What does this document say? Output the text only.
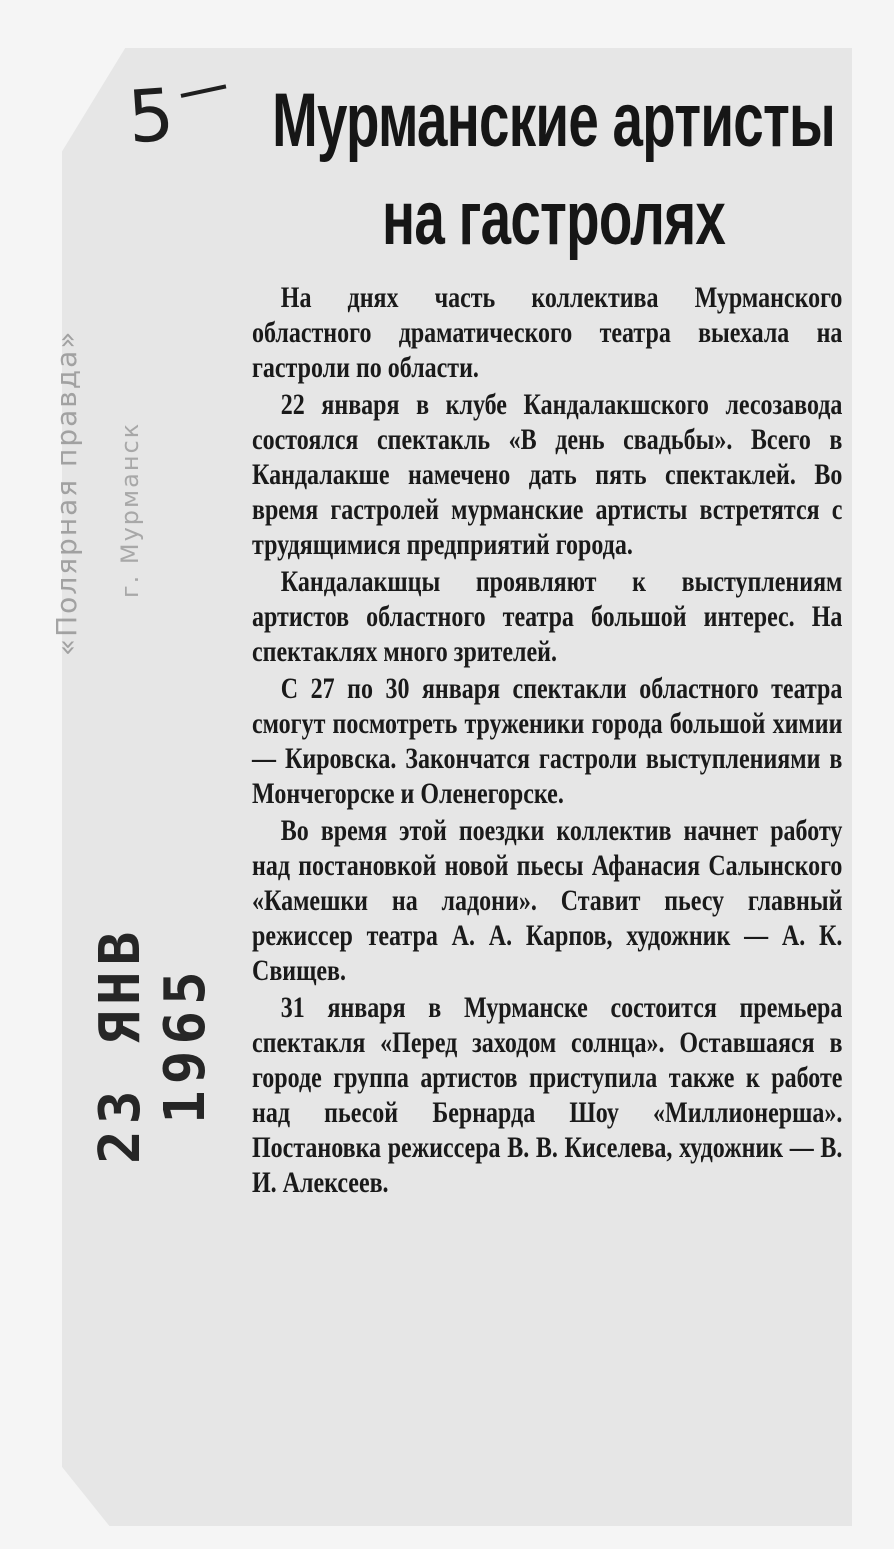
5
«Полярная правда» г. Мурманск
23 ЯНВ 1965
Мурманские артисты
на гастролях

На днях часть коллектива Мурманского областного драматического театра выехала на гастроли по области.

22 января в клубе Кандалакшского лесозавода состоялся спектакль «В день свадьбы». Всего в Кандалакше намечено дать пять спектаклей. Во время гастролей мурманские артисты встретятся с трудящимися предприятий города.

Кандалакшцы проявляют к выступлениям артистов областного театра большой интерес. На спектаклях много зрителей.

С 27 по 30 января спектакли областного театра смогут посмотреть труженики города большой химии — Кировска. Закончатся гастроли выступлениями в Мончегорске и Оленегорске.

Во время этой поездки коллектив начнет работу над постановкой новой пьесы Афанасия Салынского «Камешки на ладони». Ставит пьесу главный режиссер театра А. А. Карпов, художник — А. К. Свищев.

31 января в Мурманске состоится премьера спектакля «Перед заходом солнца». Оставшаяся в городе группа артистов приступила также к работе над пьесой Бернарда Шоу «Миллионерша». Постановка режиссера В. В. Киселева, художник — В. И. Алексеев.
